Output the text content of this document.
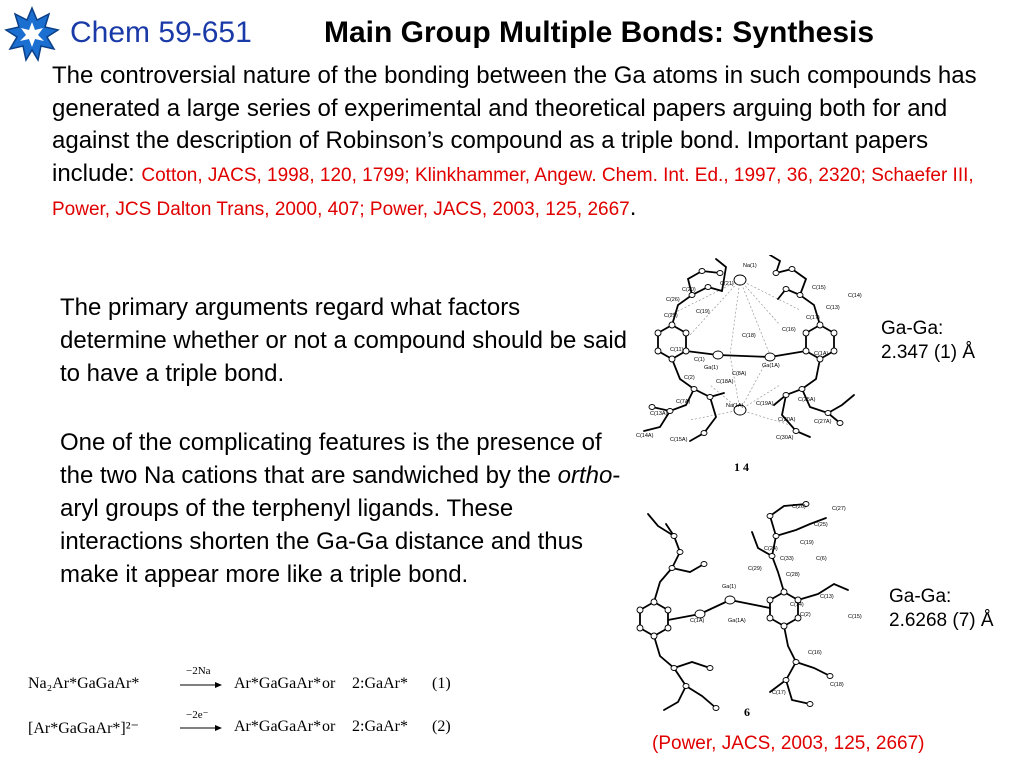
Chem 59-651 Main Group Multiple Bonds: Synthesis
The controversial nature of the bonding between the Ga atoms in such compounds has generated a large series of experimental and theoretical papers arguing both for and against the description of Robinson’s compound as a triple bond. Important papers include: Cotton, JACS, 1998, 120, 1799; Klinkhammer, Angew. Chem. Int. Ed., 1997, 36, 2320; Schaefer III, Power, JCS Dalton Trans, 2000, 407; Power, JACS, 2003, 125, 2667.
The primary arguments regard what factors determine whether or not a compound should be said to have a triple bond.
One of the complicating features is the presence of the two Na cations that are sandwiched by the ortho-aryl groups of the terphenyl ligands. These interactions shorten the Ga-Ga distance and thus make it appear more like a triple bond.
Na(1)
C(20)
C(26)
C(25)
C(19)
C(21)
C(14)
C(15)
C(17)
C(13)
C(16)
C(18)
Ga(1)
C(1)
C(11)
C(1A)
Ga(1A)
C(2)
C(18A)
C(8A)
C(7A)
C(13A)
Na(1A)
C(14A)
C(15A)
C(19A)
C(25A)
C(20A)	C(27A)
C(30A)
1 4
Ga-Ga:
2.347 (1) Å
C(27)
C(26)
C(25)
C(19)
C(24)
C(33)	C(6)
C(28)
C(29)
Ga(1)
Ga(1A)
C(1A)
C(14)
C(13)
C(2)	C(15)
C(16)
C(17)
C(18)
6
Ga-Ga:
2.6268 (7) Å
(Power, JACS, 2003, 125, 2667)
Na₂Ar*GaGaAr*
−2Na
Ar*GaGaAr* or 2:GaAr* (1)
[Ar*GaGaAr*]²⁻
−2e⁻
Ar*GaGaAr* or 2:GaAr* (2)
